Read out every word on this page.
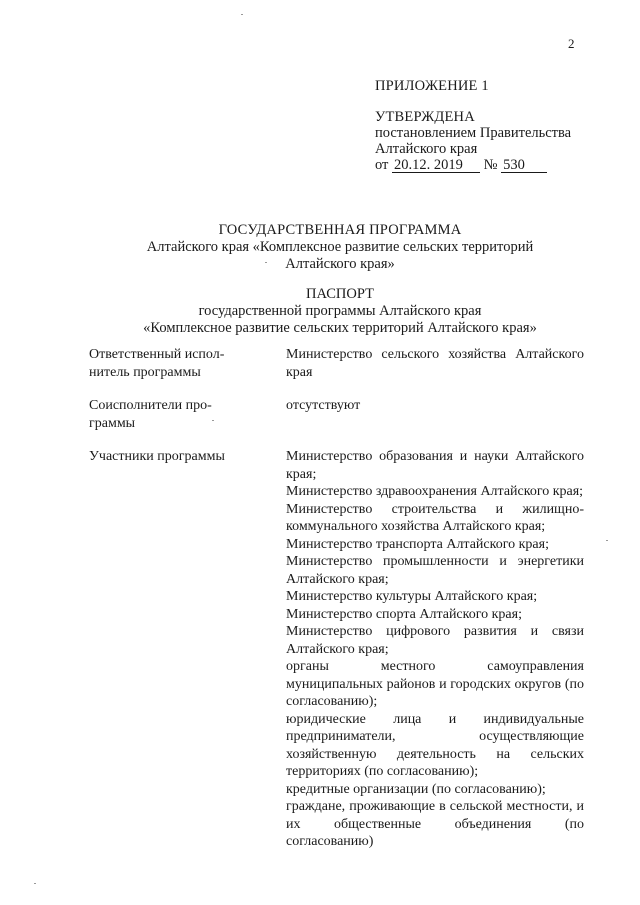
2
ПРИЛОЖЕНИЕ 1
УТВЕРЖДЕНА
постановлением Правительства
Алтайского края
от 20.12. 2019 № 530
ГОСУДАРСТВЕННАЯ ПРОГРАММА
Алтайского края «Комплексное развитие сельских территорий
Алтайского края»
ПАСПОРТ
государственной программы Алтайского края
«Комплексное развитие сельских территорий Алтайского края»
Ответственный испол-нитель программы
Министерство сельского хозяйства Алтайского края
Соисполнители про-граммы
отсутствуют
Участники программы	Министерство образования и науки Алтайского края;
Министерство здравоохранения Алтайского края;
Министерство строительства и жилищно-коммунального хозяйства Алтайского края;
Министерство транспорта Алтайского края;
Министерство промышленности и энергетики Алтайского края;
Министерство культуры Алтайского края;
Министерство спорта Алтайского края;
Министерство цифрового развития и связи Алтайского края;
органы местного самоуправления муниципальных районов и городских округов (по согласованию);
юридические лица и индивидуальные предприниматели, осуществляющие хозяйственную деятельность на сельских территориях (по согласованию);
кредитные организации (по согласованию);
граждане, проживающие в сельской местности, и их общественные объединения (по согласованию)
